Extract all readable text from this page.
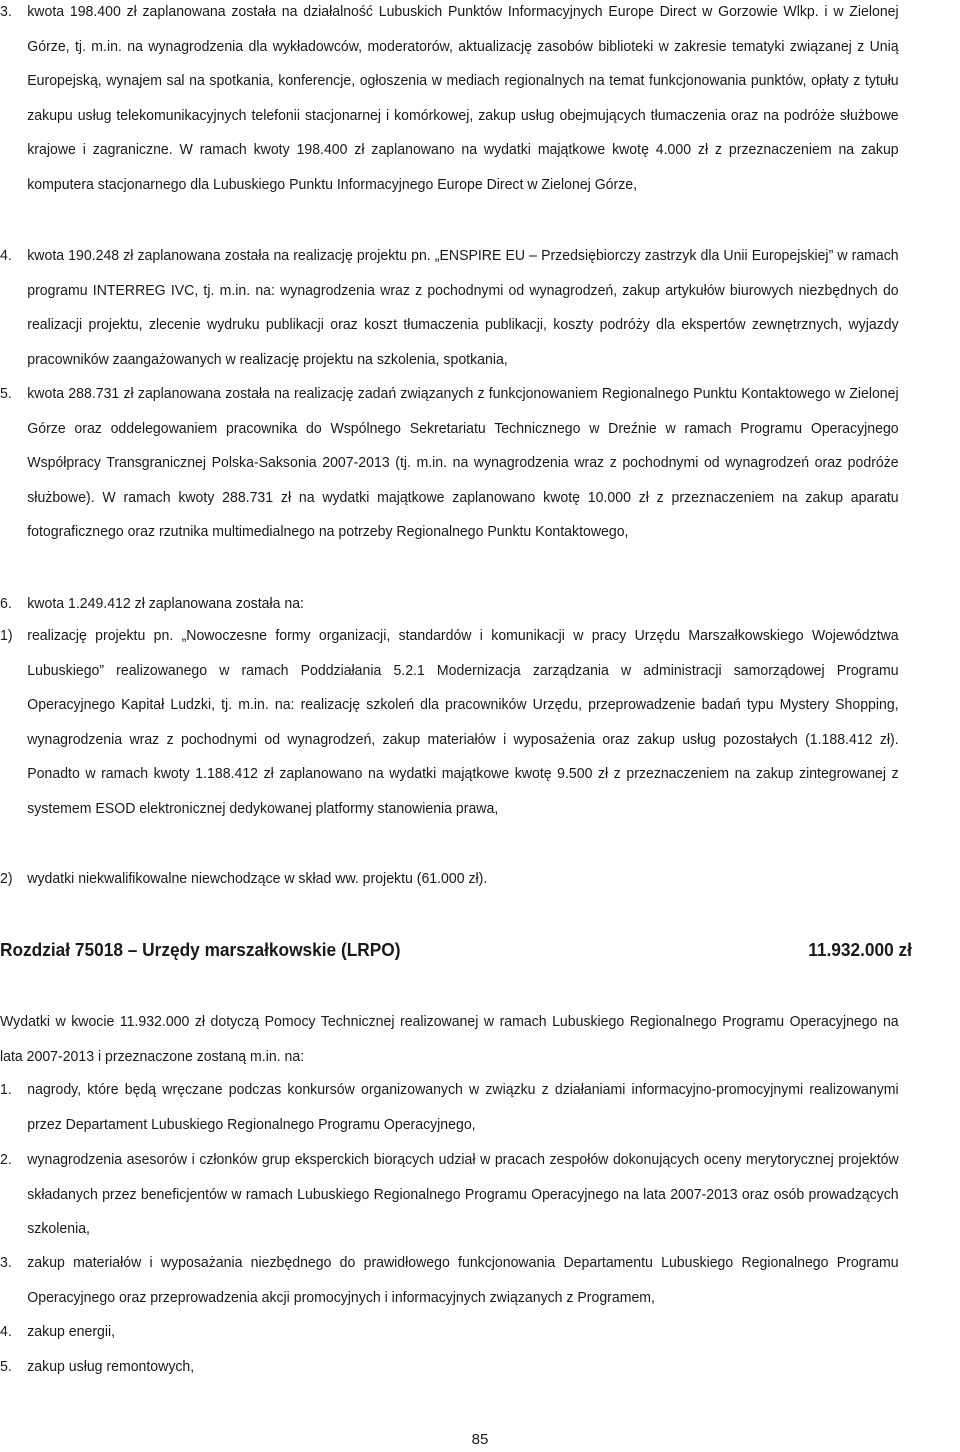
3. kwota 198.400 zł zaplanowana została na działalność Lubuskich Punktów Informacyjnych Europe Direct w Gorzowie Wlkp. i w Zielonej Górze, tj. m.in. na wynagrodzenia dla wykładowców, moderatorów, aktualizację zasobów biblioteki w zakresie tematyki związanej z Unią Europejską, wynajem sal na spotkania, konferencje, ogłoszenia w mediach regionalnych na temat funkcjonowania punktów, opłaty z tytułu zakupu usług telekomunikacyjnych telefonii stacjonarnej i komórkowej, zakup usług obejmujących tłumaczenia oraz na podróże służbowe krajowe i zagraniczne. W ramach kwoty 198.400 zł zaplanowano na wydatki majątkowe kwotę 4.000 zł z przeznaczeniem na zakup komputera stacjonarnego dla Lubuskiego Punktu Informacyjnego Europe Direct w Zielonej Górze,
4. kwota 190.248 zł zaplanowana została na realizację projektu pn. „ENSPIRE EU – Przedsiębiorczy zastrzyk dla Unii Europejskiej” w ramach programu INTERREG IVC, tj. m.in. na: wynagrodzenia wraz z pochodnymi od wynagrodzeń, zakup artykułów biurowych niezbędnych do realizacji projektu, zlecenie wydruku publikacji oraz koszt tłumaczenia publikacji, koszty podróży dla ekspertów zewnętrznych, wyjazdy pracowników zaangażowanych w realizację projektu na szkolenia, spotkania,
5. kwota 288.731 zł zaplanowana została na realizację zadań związanych z funkcjonowaniem Regionalnego Punktu Kontaktowego w Zielonej Górze oraz oddelegowaniem pracownika do Wspólnego Sekretariatu Technicznego w Dreźnie w ramach Programu Operacyjnego Współpracy Transgranicznej Polska-Saksonia 2007-2013 (tj. m.in. na wynagrodzenia wraz z pochodnymi od wynagrodzeń oraz podróże służbowe). W ramach kwoty 288.731 zł na wydatki majątkowe zaplanowano kwotę 10.000 zł z przeznaczeniem na zakup aparatu fotograficznego oraz rzutnika multimedialnego na potrzeby Regionalnego Punktu Kontaktowego,
6. kwota 1.249.412 zł zaplanowana została na:
1) realizację projektu pn. „Nowoczesne formy organizacji, standardów i komunikacji w pracy Urzędu Marszałkowskiego Województwa Lubuskiego” realizowanego w ramach Poddziałania 5.2.1 Modernizacja zarządzania w administracji samorządowej Programu Operacyjnego Kapitał Ludzki, tj. m.in. na: realizację szkoleń dla pracowników Urzędu, przeprowadzenie badań typu Mystery Shopping, wynagrodzenia wraz z pochodnymi od wynagrodzeń, zakup materiałów i wyposażenia oraz zakup usług pozostałych (1.188.412 zł). Ponadto w ramach kwoty 1.188.412 zł zaplanowano na wydatki majątkowe kwotę 9.500 zł z przeznaczeniem na zakup zintegrowanej z systemem ESOD elektronicznej dedykowanej platformy stanowienia prawa,
2) wydatki niekwalifikowalne niewchodzące w skład ww. projektu (61.000 zł).
Rozdział 75018 – Urzędy marszałkowskie (LRPO)	11.932.000 zł
Wydatki w kwocie 11.932.000 zł dotyczą Pomocy Technicznej realizowanej w ramach Lubuskiego Regionalnego Programu Operacyjnego na lata 2007-2013 i przeznaczone zostaną m.in. na:
1. nagrody, które będą wręczane podczas konkursów organizowanych w związku z działaniami informacyjno-promocyjnymi realizowanymi przez Departament Lubuskiego Regionalnego Programu Operacyjnego,
2. wynagrodzenia asesorów i członków grup eksperckich biorących udział w pracach zespołów dokonujących oceny merytorycznej projektów składanych przez beneficjentów w ramach Lubuskiego Regionalnego Programu Operacyjnego na lata 2007-2013 oraz osób prowadzących szkolenia,
3. zakup materiałów i wyposażania niezbędnego do prawidłowego funkcjonowania Departamentu Lubuskiego Regionalnego Programu Operacyjnego oraz przeprowadzenia akcji promocyjnych i informacyjnych związanych z Programem,
4. zakup energii,
5. zakup usług remontowych,
85
